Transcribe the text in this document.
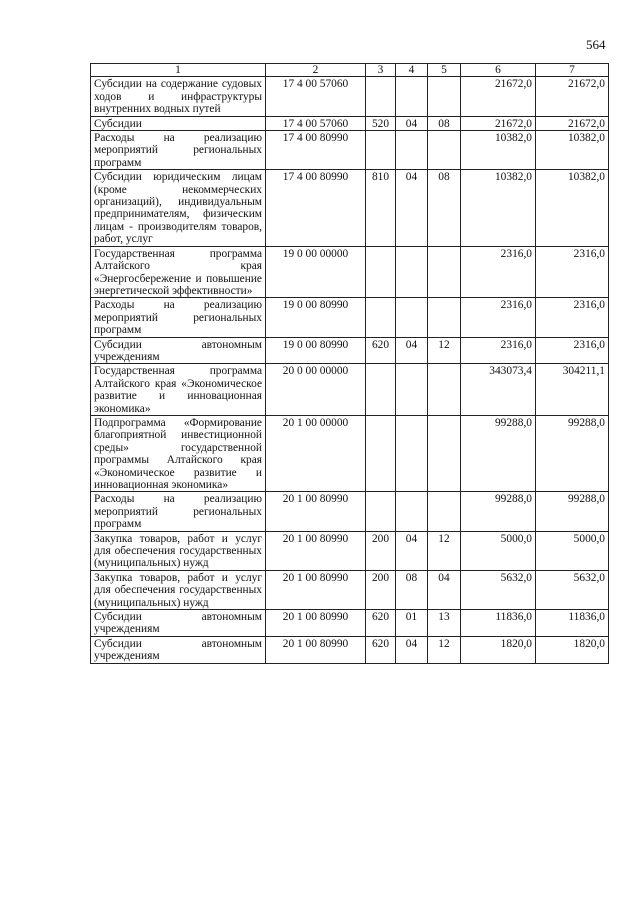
564
1	2	3	4	5	6	7
Субсидии на содержание судовых ходов и инфраструктуры внутренних водных путей	17 4 00 57060				21672,0	21672,0
Субсидии	17 4 00 57060	520	04	08	21672,0	21672,0
Расходы на реализацию мероприятий региональных программ	17 4 00 80990				10382,0	10382,0
Субсидии юридическим лицам (кроме некоммерческих организаций), индивидуальным предпринимателям, физическим лицам - производителям товаров, работ, услуг	17 4 00 80990	810	04	08	10382,0	10382,0
Государственная программа Алтайского края «Энергосбережение и повышение энергетической эффективности»	19 0 00 00000				2316,0	2316,0
Расходы на реализацию мероприятий региональных программ	19 0 00 80990				2316,0	2316,0
Субсидии автономным учреждениям	19 0 00 80990	620	04	12	2316,0	2316,0
Государственная программа Алтайского края «Экономическое развитие и инновационная экономика»	20 0 00 00000				343073,4	304211,1
Подпрограмма «Формирование благоприятной инвестиционной среды» государственной программы Алтайского края «Экономическое развитие и инновационная экономика»	20 1 00 00000				99288,0	99288,0
Расходы на реализацию мероприятий региональных программ	20 1 00 80990				99288,0	99288,0
Закупка товаров, работ и услуг для обеспечения государственных (муниципальных) нужд	20 1 00 80990	200	04	12	5000,0	5000,0
Закупка товаров, работ и услуг для обеспечения государственных (муниципальных) нужд	20 1 00 80990	200	08	04	5632,0	5632,0
Субсидии автономным учреждениям	20 1 00 80990	620	01	13	11836,0	11836,0
Субсидии автономным учреждениям	20 1 00 80990	620	04	12	1820,0	1820,0
